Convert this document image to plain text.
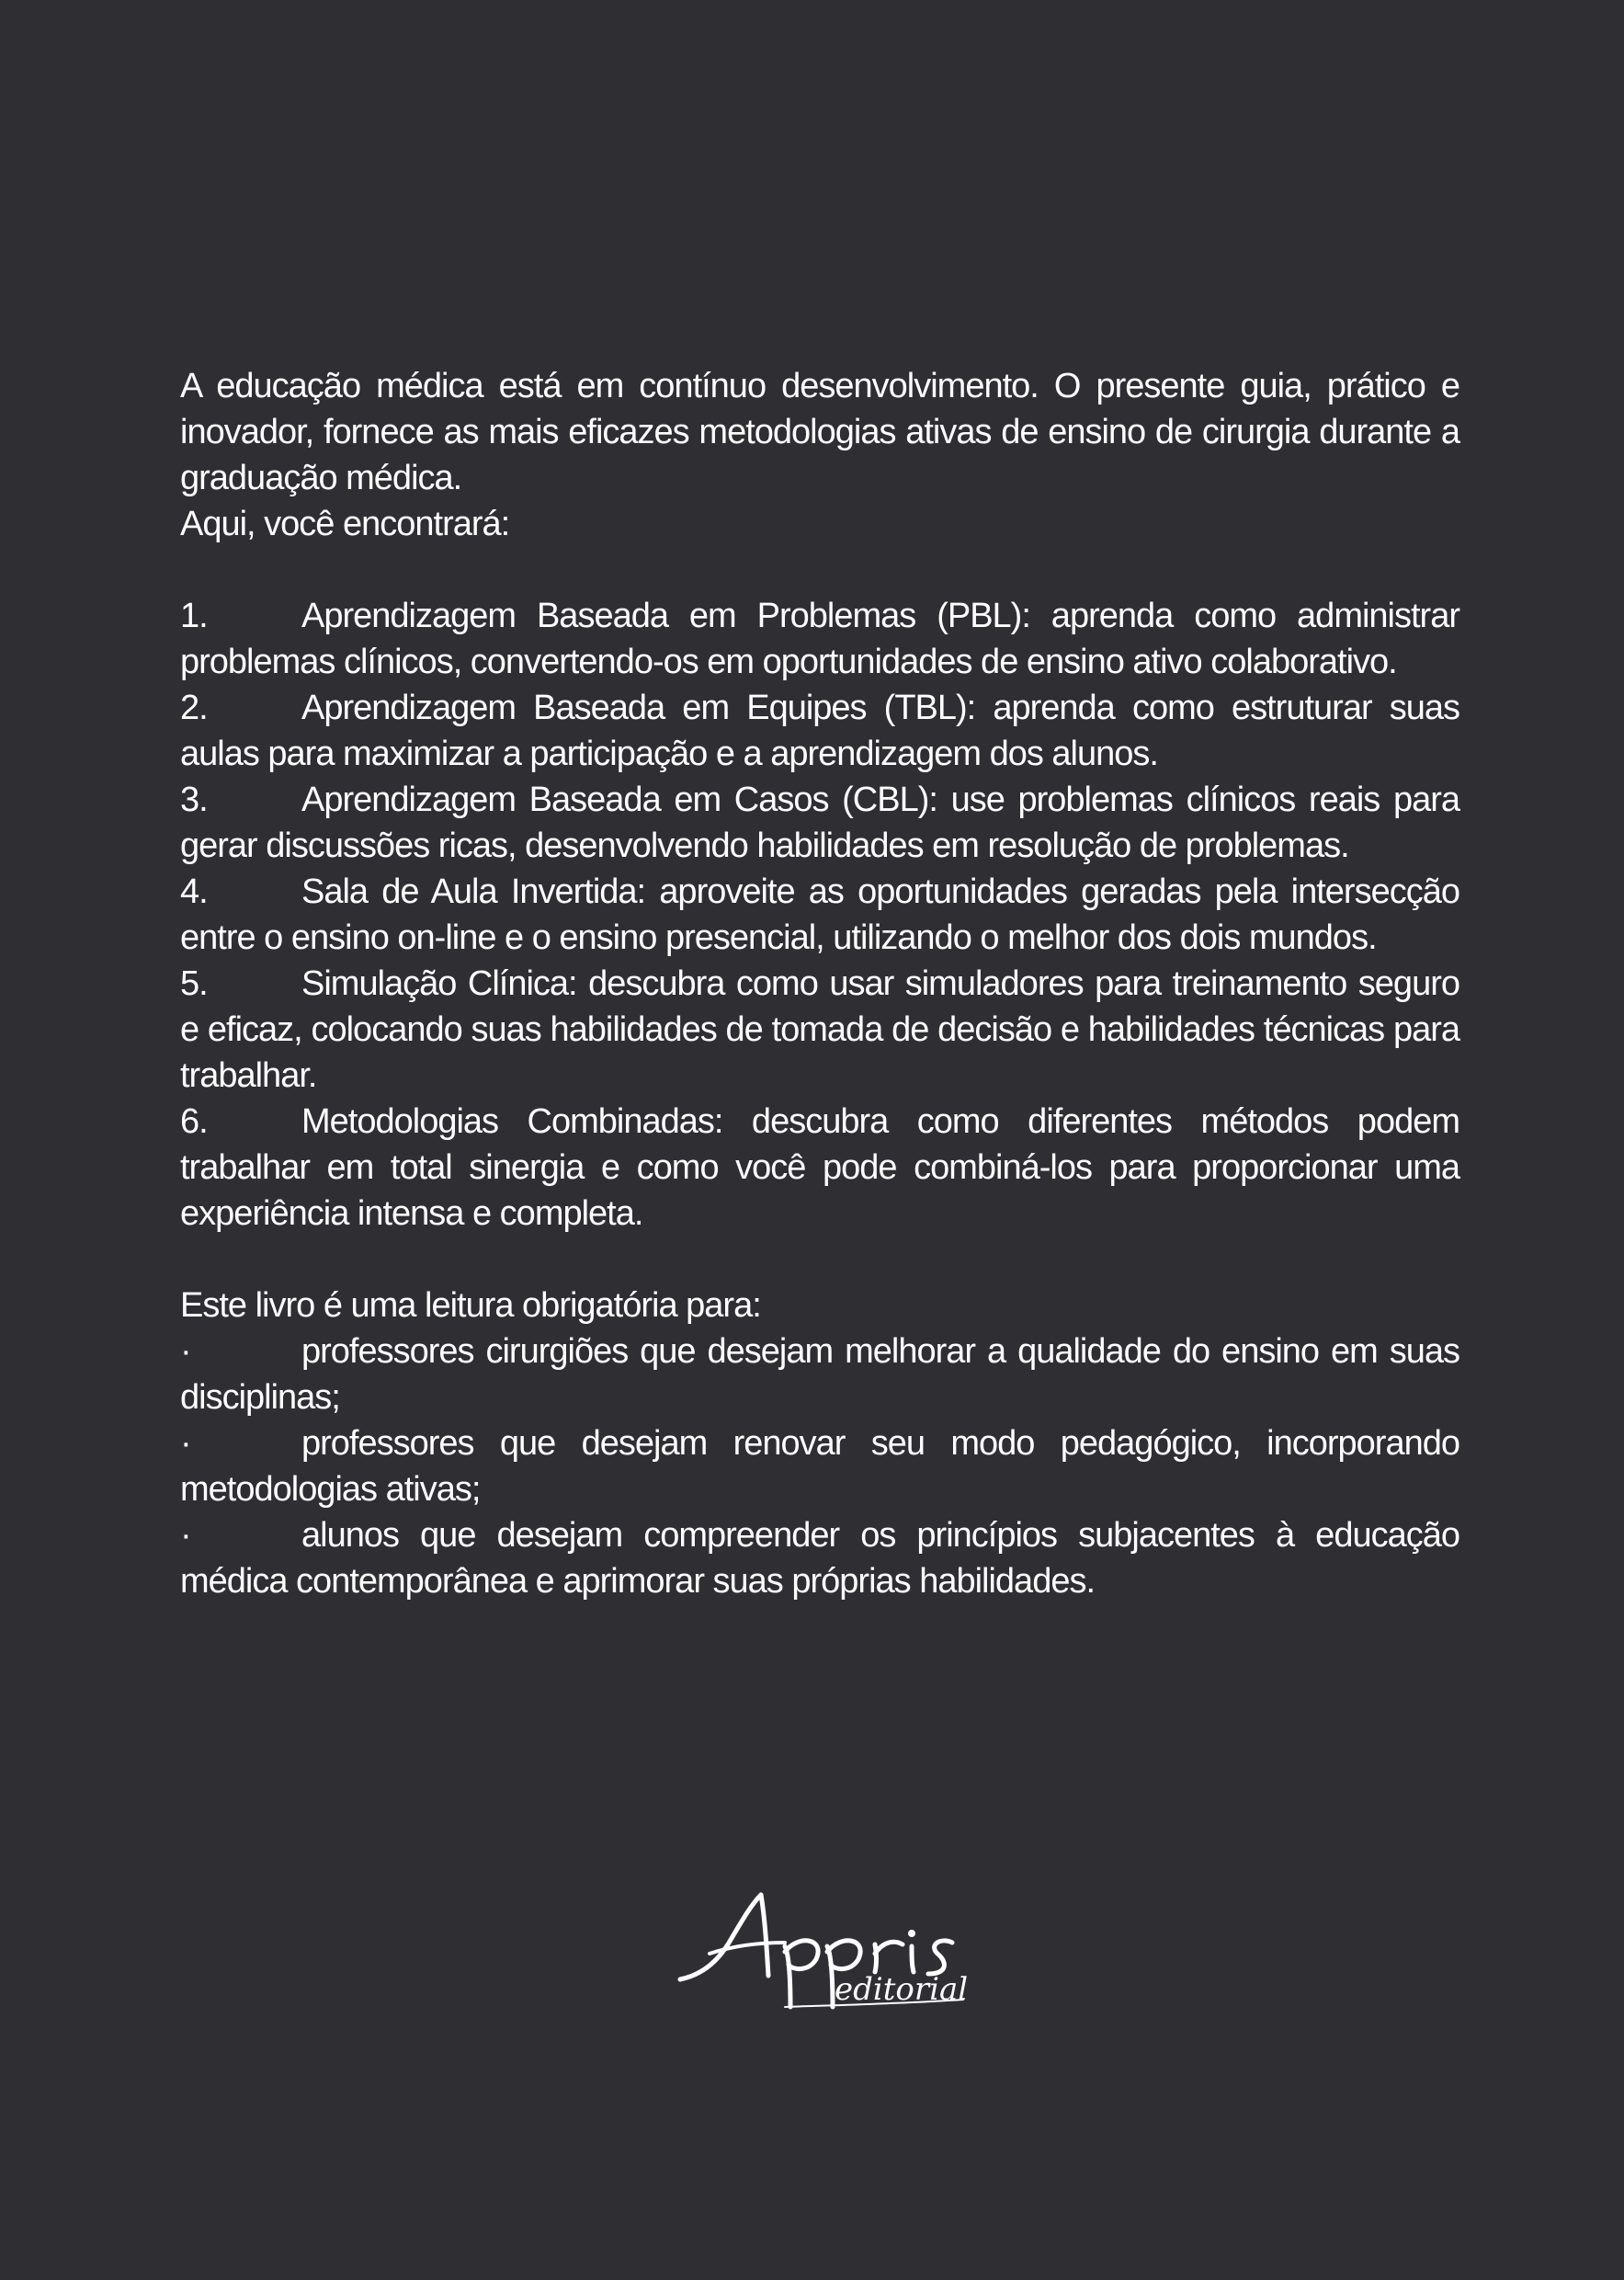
A educação médica está em contínuo desenvolvimento. O presente guia, prático e inovador, fornece as mais eficazes metodologias ativas de ensino de cirurgia durante a graduação médica.

Aqui, você encontrará:

1.	Aprendizagem Baseada em Problemas (PBL): aprenda como administrar problemas clínicos, convertendo-os em oportunidades de ensino ativo colaborativo.

2.	Aprendizagem Baseada em Equipes (TBL): aprenda como estruturar suas aulas para maximizar a participação e a aprendizagem dos alunos.

3.	Aprendizagem Baseada em Casos (CBL): use problemas clínicos reais para gerar discussões ricas, desenvolvendo habilidades em resolução de problemas.

4.	Sala de Aula Invertida: aproveite as oportunidades geradas pela intersecção entre o ensino on-line e o ensino presencial, utilizando o melhor dos dois mundos.

5.	Simulação Clínica: descubra como usar simuladores para treinamento seguro e eficaz, colocando suas habilidades de tomada de decisão e habilidades técnicas para trabalhar.

6.	Metodologias Combinadas: descubra como diferentes métodos podem trabalhar em total sinergia e como você pode combiná-los para proporcionar uma experiência intensa e completa.

Este livro é uma leitura obrigatória para:

·	professores cirurgiões que desejam melhorar a qualidade do ensino em suas disciplinas;

·	professores que desejam renovar seu modo pedagógico, incorporando metodologias ativas;

·	alunos que desejam compreender os princípios subjacentes à educação médica contemporânea e aprimorar suas próprias habilidades.

editorial
